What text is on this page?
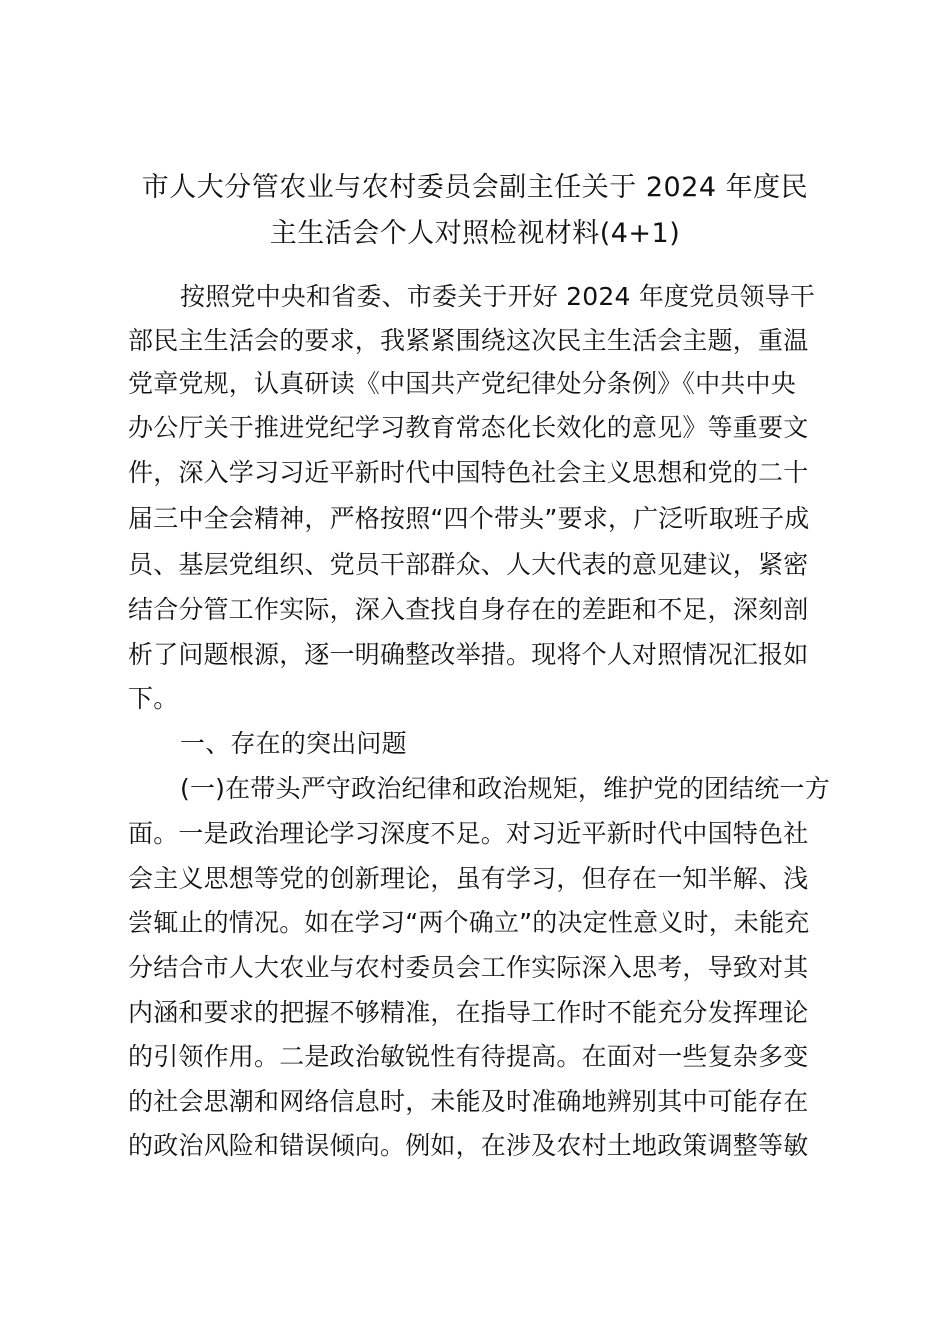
市人大分管农业与农村委员会副主任关于 2024 年度民
主生活会个人对照检视材料(4+1)

按照党中央和省委、市委关于开好 2024 年度党员领导干

部民主生活会的要求，我紧紧围绕这次民主生活会主题，重温

党章党规，认真研读《中国共产党纪律处分条例》《中共中央

办公厅关于推进党纪学习教育常态化长效化的意见》等重要文

件，深入学习习近平新时代中国特色社会主义思想和党的二十

届三中全会精神，严格按照“四个带头”要求，广泛听取班子成

员、基层党组织、党员干部群众、人大代表的意见建议，紧密

结合分管工作实际，深入查找自身存在的差距和不足，深刻剖

析了问题根源，逐一明确整改举措。现将个人对照情况汇报如

下。

一、存在的突出问题

(一)在带头严守政治纪律和政治规矩，维护党的团结统一方

面。一是政治理论学习深度不足。对习近平新时代中国特色社

会主义思想等党的创新理论，虽有学习，但存在一知半解、浅

尝辄止的情况。如在学习“两个确立”的决定性意义时，未能充

分结合市人大农业与农村委员会工作实际深入思考，导致对其

内涵和要求的把握不够精准，在指导工作时不能充分发挥理论

的引领作用。二是政治敏锐性有待提高。在面对一些复杂多变

的社会思潮和网络信息时，未能及时准确地辨别其中可能存在

的政治风险和错误倾向。例如，在涉及农村土地政策调整等敏
